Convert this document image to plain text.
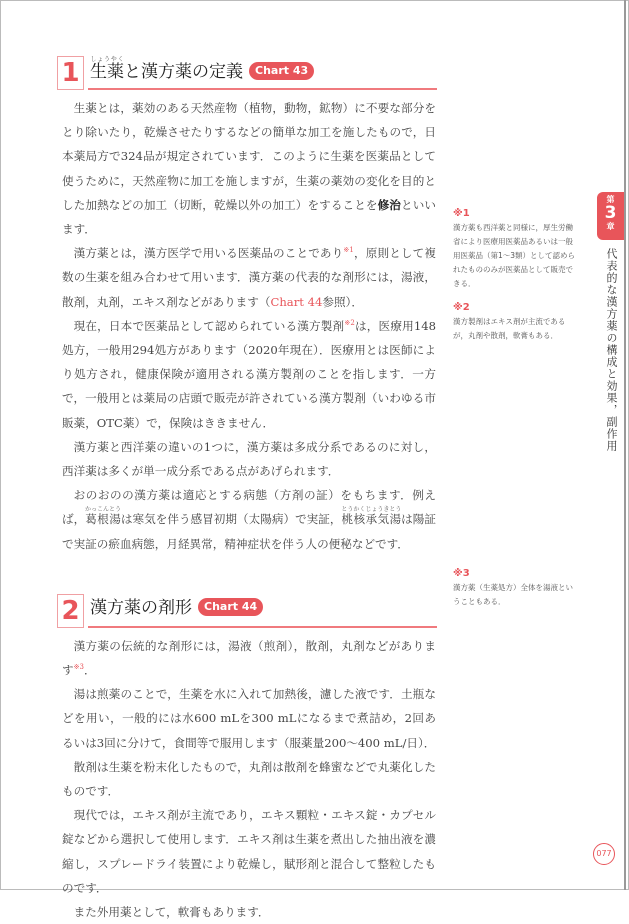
1 生薬しょうやくと漢方薬の定義 Chart 43

生薬とは，薬効のある天然産物（植物，動物，鉱物）に不要な部分をとり除いたり，乾燥させたりするなどの簡単な加工を施したもので，日本薬局方で324品が規定されています．このように生薬を医薬品として使うために，天然産物に加工を施しますが，生薬の薬効の変化を目的とした加熱などの加工（切断，乾燥以外の加工）をすることを修治といいます．

漢方薬とは，漢方医学で用いる医薬品のことであり$^{※1}$，原則として複数の生薬を組み合わせて用います．漢方薬の代表的な剤形には，湯液，散剤，丸剤，エキス剤などがあります（Chart 44参照）．

現在，日本で医薬品として認められている漢方製剤$^{※2}$は，医療用148処方，一般用294処方があります（2020年現在）．医療用とは医師により処方され，健康保険が適用される漢方製剤のことを指します．一方で，一般用とは薬局の店頭で販売が許されている漢方製剤（いわゆる市販薬，OTC薬）で，保険はききません．

漢方薬と西洋薬の違いの1つに，漢方薬は多成分系であるのに対し，西洋薬は多くが単一成分系である点があげられます．

おのおのの漢方薬は適応とする病態（方剤の証）をもちます．例えば，葛根かっこん湯とうは寒気を伴う感冒初期（太陽病）で実証，桃核承気湯とうかくじょうきとうは陽証で実証の瘀血病態，月経異常，精神症状を伴う人の便秘などです．

2 漢方薬の剤形 Chart 44

漢方薬の伝統的な剤形には，湯液（煎剤），散剤，丸剤などがあります$^{※3}$．

湯は煎薬のことで，生薬を水に入れて加熱後，濾した液です．土瓶などを用い，一般的には水600 mLを300 mLになるまで煮詰め，2回あるいは3回に分けて，食間等で服用します（服薬量200〜400 mL/日）．

散剤は生薬を粉末化したもので，丸剤は散剤を蜂蜜などで丸薬化したものです．

現代では，エキス剤が主流であり，エキス顆粒・エキス錠・カプセル錠などから選択して使用します．エキス剤は生薬を煮出した抽出液を濃縮し，スプレードライ装置により乾燥し，賦形剤と混合して整粒したものです．

また外用薬として，軟膏もあります．

※1
漢方薬も西洋薬と同様に，厚生労働省により医療用医薬品あるいは一般用医薬品（第1〜3類）として認められたもののみが医薬品として販売できる．
※2
漢方製剤はエキス剤が主流であるが，丸剤や散剤，軟膏もある．
※3
漢方薬（生薬処方）全体を湯液ということもある．
第
3
章
代表的な漢方薬の構成と効果，副作用
077
